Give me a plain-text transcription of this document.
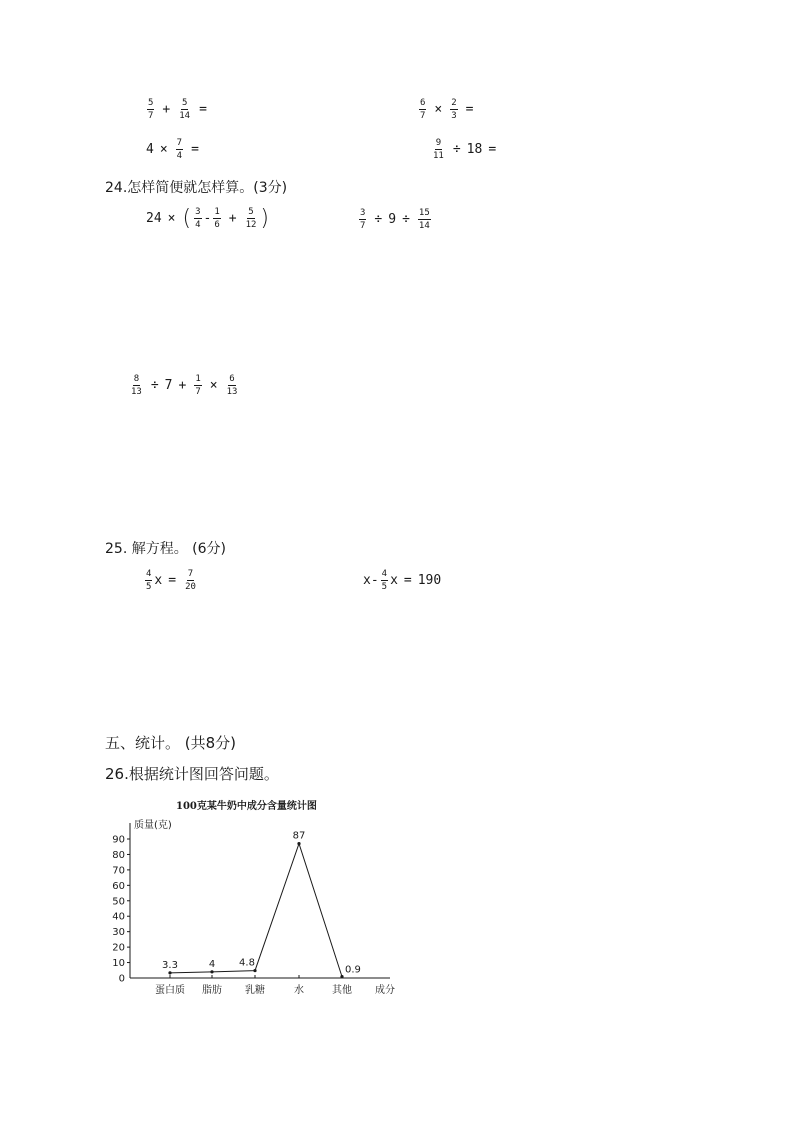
$\frac{5}{7} + \frac{5}{14}$ =	$\frac{6}{7} \times \frac{2}{3}$ =
$4 \times \frac{7}{4}$ =	$\frac{9}{11} \div 18$ =
24.怎样简便就怎样算。(3分)
24 × ( $\frac{3}{4} - \frac{1}{6} + \frac{5}{12}$ )	$\frac{3}{7} \div 9 \div \frac{15}{14}$
$\frac{8}{13} \div 7 + \frac{1}{7} \times \frac{6}{13}$
25. 解方程。 (6分)
$\frac{4}{5}$ $x = \frac{7}{20}$	$x- \frac{4}{5}$ x = 190
五、统计。 (共8分)
26.根据统计图回答问题。
100克某牛奶中成分含量统计图
质量(克)
0
10
20
30
40
50
60
70
80
90
蛋白质 脂肪 乳糖	水	其他 成分
3.3	4 4.8
87
0.9
